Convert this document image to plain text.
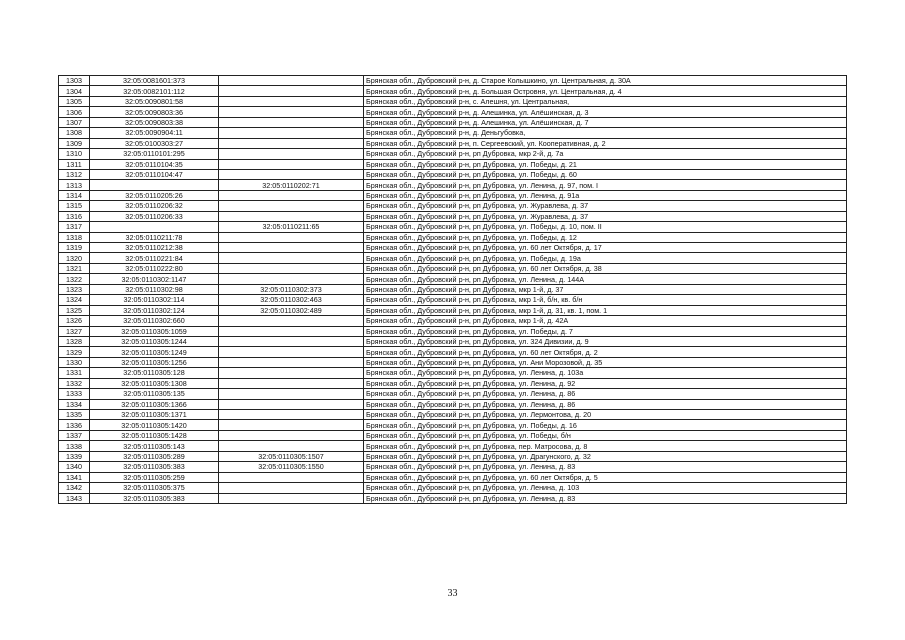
1303	32:05:0081601:373		Брянская обл., Дубровский р-н, д. Старое Колышкино, ул. Центральная, д. 30А
1304	32:05:0082101:112		Брянская обл., Дубровский р-н, д. Большая Островня, ул. Центральная, д. 4
1305	32:05:0090801:58		Брянская обл., Дубровский р-н, с. Алешня, ул. Центральная,
1306	32:05:0090803:36		Брянская обл., Дубровский р-н, д. Алешинка, ул. Алёшинская, д. 3
1307	32:05:0090803:38		Брянская обл., Дубровский р-н, д. Алешинка, ул. Алёшинская, д. 7
1308	32:05:0090904:11		Брянская обл., Дубровский р-н, д. Деньгубовка,
1309	32:05:0100303:27		Брянская обл., Дубровский р-н, п. Сергеевский, ул. Кооперативная, д. 2
1310	32:05:0110101:295		Брянская обл., Дубровский р-н, рп Дубровка, мкр 2-й, д. 7а
1311	32:05:0110104:35		Брянская обл., Дубровский р-н, рп Дубровка, ул. Победы, д. 21
1312	32:05:0110104:47		Брянская обл., Дубровский р-н, рп Дубровка, ул. Победы, д. 60
1313		32:05:0110202:71	Брянская обл., Дубровский р-н, рп Дубровка, ул. Ленина, д. 97, пом. I
1314	32:05:0110205:26		Брянская обл., Дубровский р-н, рп Дубровка, ул. Ленина, д. 91а
1315	32:05:0110206:32		Брянская обл., Дубровский р-н, рп Дубровка, ул. Журавлева, д. 37
1316	32:05:0110206:33		Брянская обл., Дубровский р-н, рп Дубровка, ул. Журавлева, д. 37
1317		32:05:0110211:65	Брянская обл., Дубровский р-н, рп Дубровка, ул. Победы, д. 10, пом. II
1318	32:05:0110211:78		Брянская обл., Дубровский р-н, рп Дубровка, ул. Победы, д. 12
1319	32:05:0110212:38		Брянская обл., Дубровский р-н, рп Дубровка, ул. 60 лет Октября, д. 17
1320	32:05:0110221:84		Брянская обл., Дубровский р-н, рп Дубровка, ул. Победы, д. 19а
1321	32:05:0110222:80		Брянская обл., Дубровский р-н, рп Дубровка, ул. 60 лет Октября, д. 38
1322	32:05:0110302:1147		Брянская обл., Дубровский р-н, рп Дубровка, ул. Ленина, д. 144А
1323	32:05:0110302:98	32:05:0110302:373	Брянская обл., Дубровский р-н, рп Дубровка, мкр 1-й, д. 37
1324	32:05:0110302:114	32:05:0110302:463	Брянская обл., Дубровский р-н, рп Дубровка, мкр 1-й, б/н, кв. б/н
1325	32:05:0110302:124	32:05:0110302:489	Брянская обл., Дубровский р-н, рп Дубровка, мкр 1-й, д. 31, кв. 1, пом. 1
1326	32:05:0110302:660		Брянская обл., Дубровский р-н, рп Дубровка, мкр 1-й, д. 42А
1327	32:05:0110305:1059		Брянская обл., Дубровский р-н, рп Дубровка, ул. Победы, д. 7
1328	32:05:0110305:1244		Брянская обл., Дубровский р-н, рп Дубровка, ул. 324 Дивизии, д. 9
1329	32:05:0110305:1249		Брянская обл., Дубровский р-н, рп Дубровка, ул. 60 лет Октября, д. 2
1330	32:05:0110305:1256		Брянская обл., Дубровский р-н, рп Дубровка, ул. Ани Морозовой, д. 35
1331	32:05:0110305:128		Брянская обл., Дубровский р-н, рп Дубровка, ул. Ленина, д. 103а
1332	32:05:0110305:1308		Брянская обл., Дубровский р-н, рп Дубровка, ул. Ленина, д. 92
1333	32:05:0110305:135		Брянская обл., Дубровский р-н, рп Дубровка, ул. Ленина, д. 86
1334	32:05:0110305:1366		Брянская обл., Дубровский р-н, рп Дубровка, ул. Ленина, д. 86
1335	32:05:0110305:1371		Брянская обл., Дубровский р-н, рп Дубровка, ул. Лермонтова, д. 20
1336	32:05:0110305:1420		Брянская обл., Дубровский р-н, рп Дубровка, ул. Победы, д. 16
1337	32:05:0110305:1428		Брянская обл., Дубровский р-н, рп Дубровка, ул. Победы, б/н
1338	32:05:0110305:143		Брянская обл., Дубровский р-н, рп Дубровка, пер. Матросова, д. 8
1339	32:05:0110305:289	32:05:0110305:1507	Брянская обл., Дубровский р-н, рп Дубровка, ул. Драгунского, д. 32
1340	32:05:0110305:383	32:05:0110305:1550	Брянская обл., Дубровский р-н, рп Дубровка, ул. Ленина, д. 83
1341	32:05:0110305:259		Брянская обл., Дубровский р-н, рп Дубровка, ул. 60 лет Октября, д. 5
1342	32:05:0110305:375		Брянская обл., Дубровский р-н, рп Дубровка, ул. Ленина, д. 103
1343	32:05:0110305:383		Брянская обл., Дубровский р-н, рп Дубровка, ул. Ленина, д. 83
33
